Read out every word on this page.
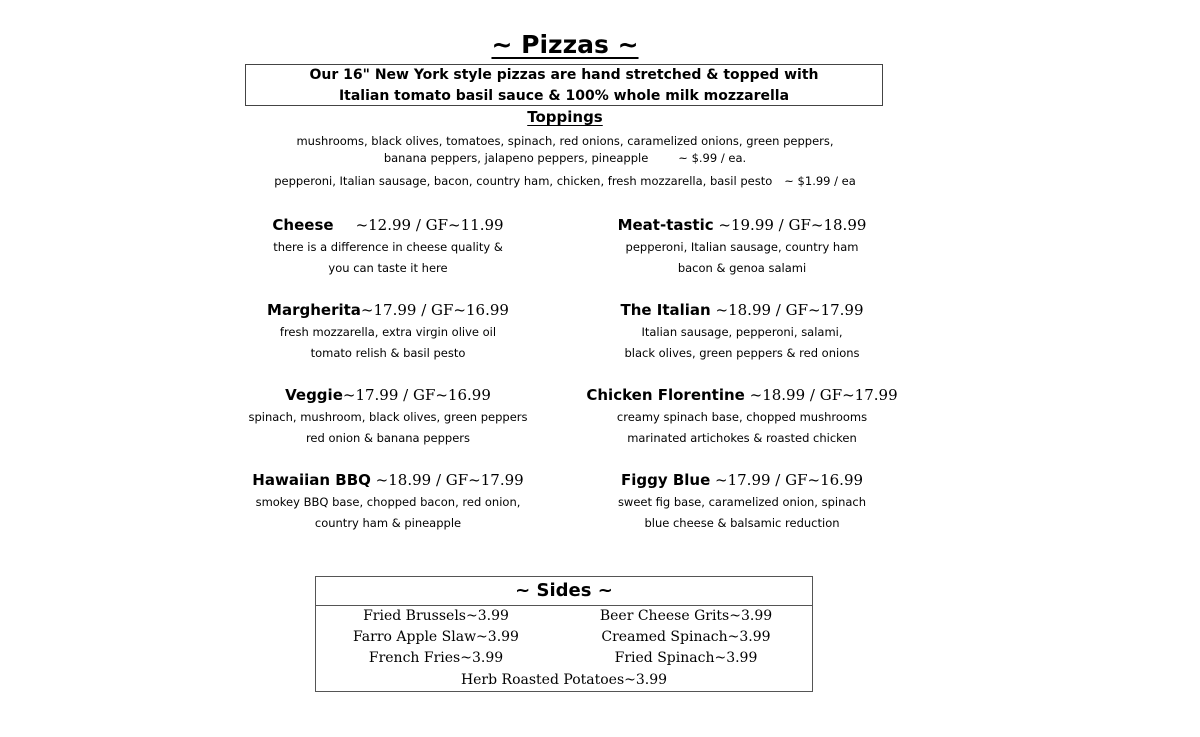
~ Pizzas ~
Our 16" New York style pizzas are hand stretched & topped with
Italian tomato basil sauce & 100% whole milk mozzarella
Toppings
mushrooms, black olives, tomatoes, spinach, red onions, caramelized onions, green peppers,
banana peppers, jalapeno peppers, pineapple	~ $.99 / ea.
pepperoni, Italian sausage, bacon, country ham, chicken, fresh mozzarella, basil pesto ~ $1.99 / ea
Cheese ~12.99 / GF~11.99
there is a difference in cheese quality &
you can taste it here
Meat-tastic ~19.99 / GF~18.99
pepperoni, Italian sausage, country ham
bacon & genoa salami
Margherita~17.99 / GF~16.99
fresh mozzarella, extra virgin olive oil
tomato relish & basil pesto
The Italian ~18.99 / GF~17.99
Italian sausage, pepperoni, salami,
black olives, green peppers & red onions
Veggie~17.99 / GF~16.99
spinach, mushroom, black olives, green peppers
red onion & banana peppers
Chicken Florentine ~18.99 / GF~17.99
creamy spinach base, chopped mushrooms
marinated artichokes & roasted chicken
Hawaiian BBQ ~18.99 / GF~17.99
smokey BBQ base, chopped bacon, red onion,
country ham & pineapple
Figgy Blue ~17.99 / GF~16.99
sweet fig base, caramelized onion, spinach
blue cheese & balsamic reduction
~ Sides ~
Fried Brussels~3.99	Beer Cheese Grits~3.99
Farro Apple Slaw~3.99	Creamed Spinach~3.99
French Fries~3.99	Fried Spinach~3.99
Herb Roasted Potatoes~3.99
